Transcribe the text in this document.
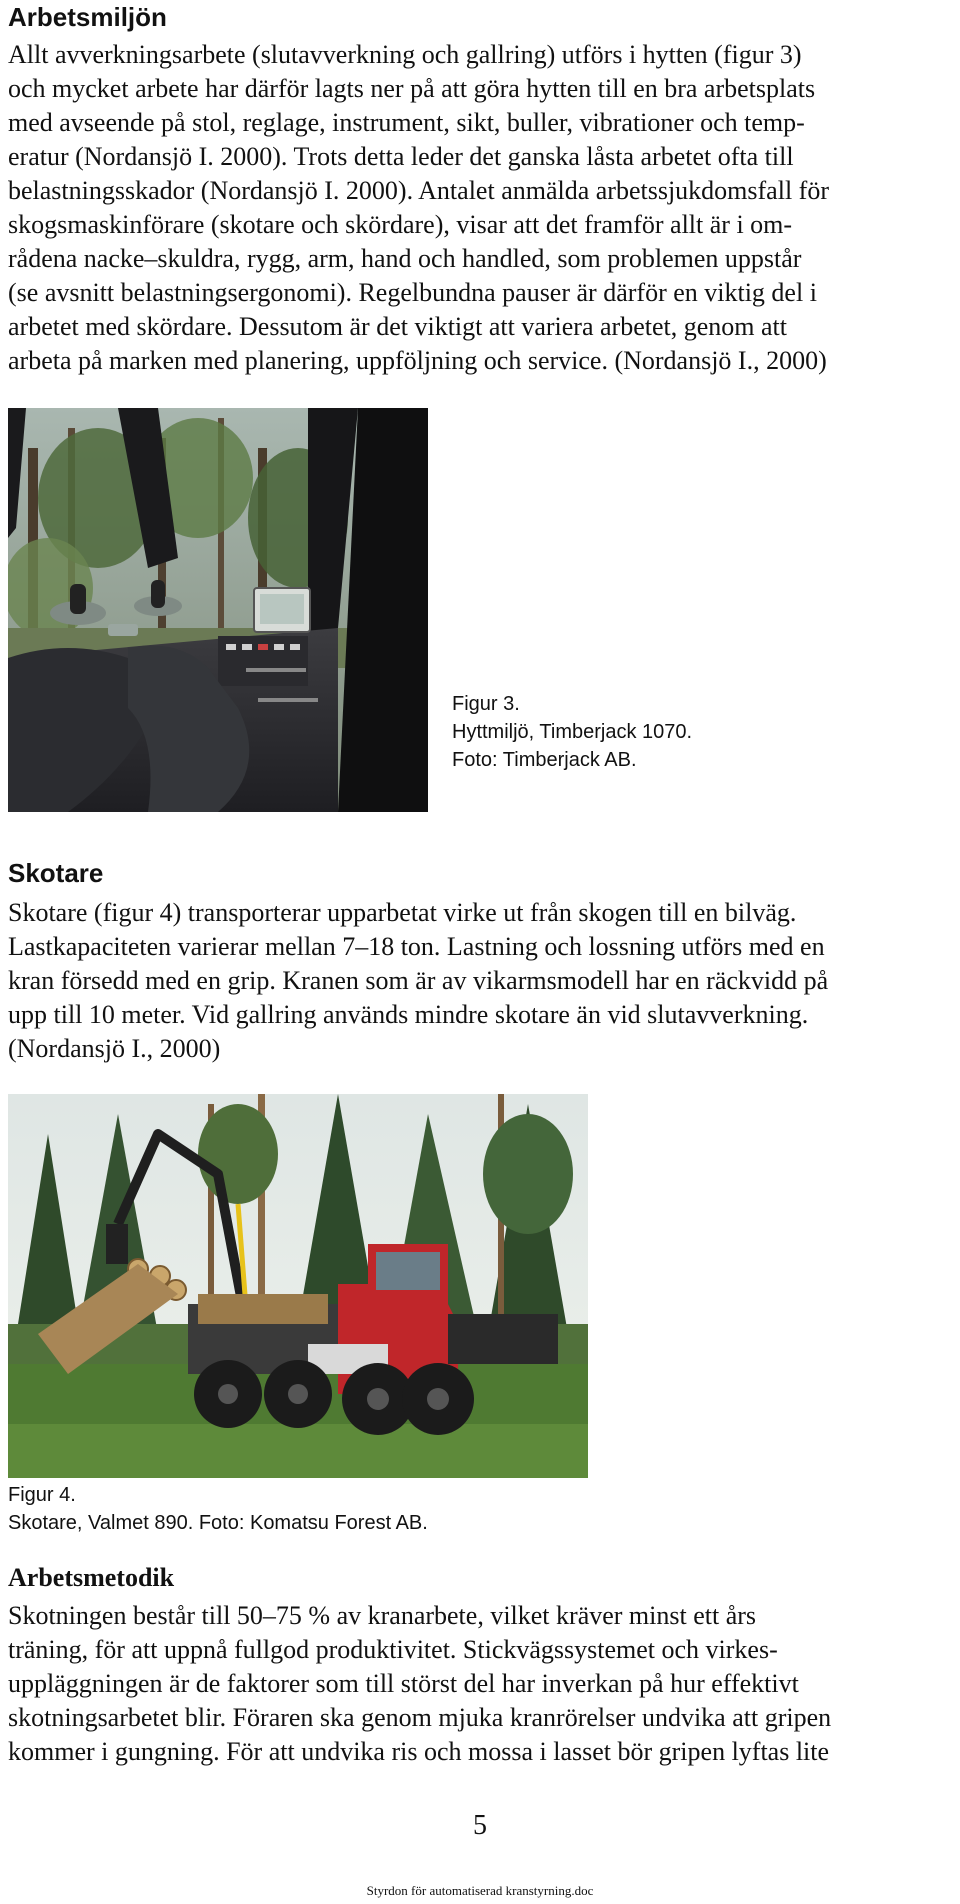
Arbetsmiljön
Allt avverkningsarbete (slutavverkning och gallring) utförs i hytten (figur 3)
och mycket arbete har därför lagts ner på att göra hytten till en bra arbetsplats
med avseende på stol, reglage, instrument, sikt, buller, vibrationer och temp-
eratur (Nordansjö I. 2000). Trots detta leder det ganska låsta arbetet ofta till
belastningsskador (Nordansjö I. 2000). Antalet anmälda arbetssjukdomsfall för
skogsmaskinförare (skotare och skördare), visar att det framför allt är i om-
rådena nacke–skuldra, rygg, arm, hand och handled, som problemen uppstår
(se avsnitt belastningsergonomi). Regelbundna pauser är därför en viktig del i
arbetet med skördare. Dessutom är det viktigt att variera arbetet, genom att
arbeta på marken med planering, uppföljning och service. (Nordansjö I., 2000)
Figur 3.
Hyttmiljö, Timberjack 1070.
Foto: Timberjack AB.
Skotare
Skotare (figur 4) transporterar upparbetat virke ut från skogen till en bilväg.
Lastkapaciteten varierar mellan 7–18 ton. Lastning och lossning utförs med en
kran försedd med en grip. Kranen som är av vikarmsmodell har en räckvidd på
upp till 10 meter. Vid gallring används mindre skotare än vid slutavverkning.
(Nordansjö I., 2000)
Figur 4.
Skotare, Valmet 890. Foto: Komatsu Forest AB.
Arbetsmetodik
Skotningen består till 50–75 % av kranarbete, vilket kräver minst ett års
träning, för att uppnå fullgod produktivitet. Stickvägssystemet och virkes-
uppläggningen är de faktorer som till störst del har inverkan på hur effektivt
skotningsarbetet blir. Föraren ska genom mjuka kranrörelser undvika att gripen
kommer i gungning. För att undvika ris och mossa i lasset bör gripen lyftas lite
5
Styrdon för automatiserad kranstyrning.doc
